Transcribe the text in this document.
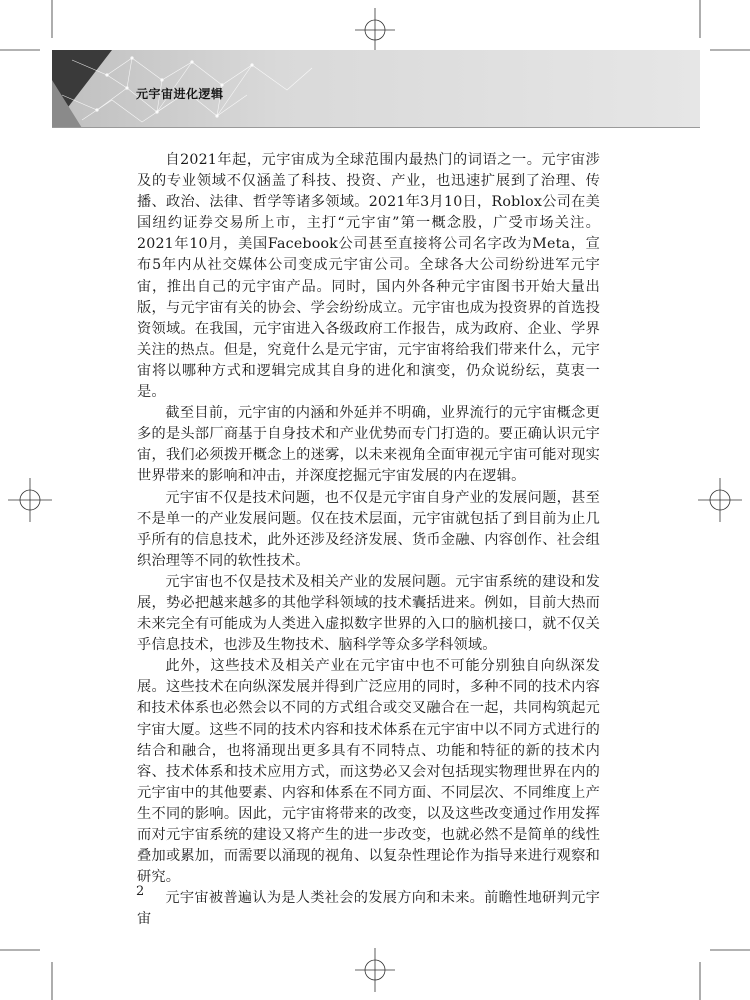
元宇宙进化逻辑

自2021年起，元宇宙成为全球范围内最热门的词语之一。元宇宙涉及的专业领域不仅涵盖了科技、投资、产业，也迅速扩展到了治理、传播、政治、法律、哲学等诸多领域。2021年3月10日，Roblox公司在美国纽约证券交易所上市，主打“元宇宙”第一概念股，广受市场关注。2021年10月，美国Facebook公司甚至直接将公司名字改为Meta，宣布5年内从社交媒体公司变成元宇宙公司。全球各大公司纷纷进军元宇宙，推出自己的元宇宙产品。同时，国内外各种元宇宙图书开始大量出版，与元宇宙有关的协会、学会纷纷成立。元宇宙也成为投资界的首选投资领域。在我国，元宇宙进入各级政府工作报告，成为政府、企业、学界关注的热点。但是，究竟什么是元宇宙，元宇宙将给我们带来什么，元宇宙将以哪种方式和逻辑完成其自身的进化和演变，仍众说纷纭，莫衷一是。

截至目前，元宇宙的内涵和外延并不明确，业界流行的元宇宙概念更多的是头部厂商基于自身技术和产业优势而专门打造的。要正确认识元宇宙，我们必须拨开概念上的迷雾，以未来视角全面审视元宇宙可能对现实世界带来的影响和冲击，并深度挖掘元宇宙发展的内在逻辑。

元宇宙不仅是技术问题，也不仅是元宇宙自身产业的发展问题，甚至不是单一的产业发展问题。仅在技术层面，元宇宙就包括了到目前为止几乎所有的信息技术，此外还涉及经济发展、货币金融、内容创作、社会组织治理等不同的软性技术。

元宇宙也不仅是技术及相关产业的发展问题。元宇宙系统的建设和发展，势必把越来越多的其他学科领域的技术囊括进来。例如，目前大热而未来完全有可能成为人类进入虚拟数字世界的入口的脑机接口，就不仅关乎信息技术，也涉及生物技术、脑科学等众多学科领域。

此外，这些技术及相关产业在元宇宙中也不可能分别独自向纵深发展。这些技术在向纵深发展并得到广泛应用的同时，多种不同的技术内容和技术体系也必然会以不同的方式组合或交叉融合在一起，共同构筑起元宇宙大厦。这些不同的技术内容和技术体系在元宇宙中以不同方式进行的结合和融合，也将涌现出更多具有不同特点、功能和特征的新的技术内容、技术体系和技术应用方式，而这势必又会对包括现实物理世界在内的元宇宙中的其他要素、内容和体系在不同方面、不同层次、不同维度上产生不同的影响。因此，元宇宙将带来的改变，以及这些改变通过作用发挥而对元宇宙系统的建设又将产生的进一步改变，也就必然不是简单的线性叠加或累加，而需要以涌现的视角、以复杂性理论作为指导来进行观察和研究。

元宇宙被普遍认为是人类社会的发展方向和未来。前瞻性地研判元宇宙

2
